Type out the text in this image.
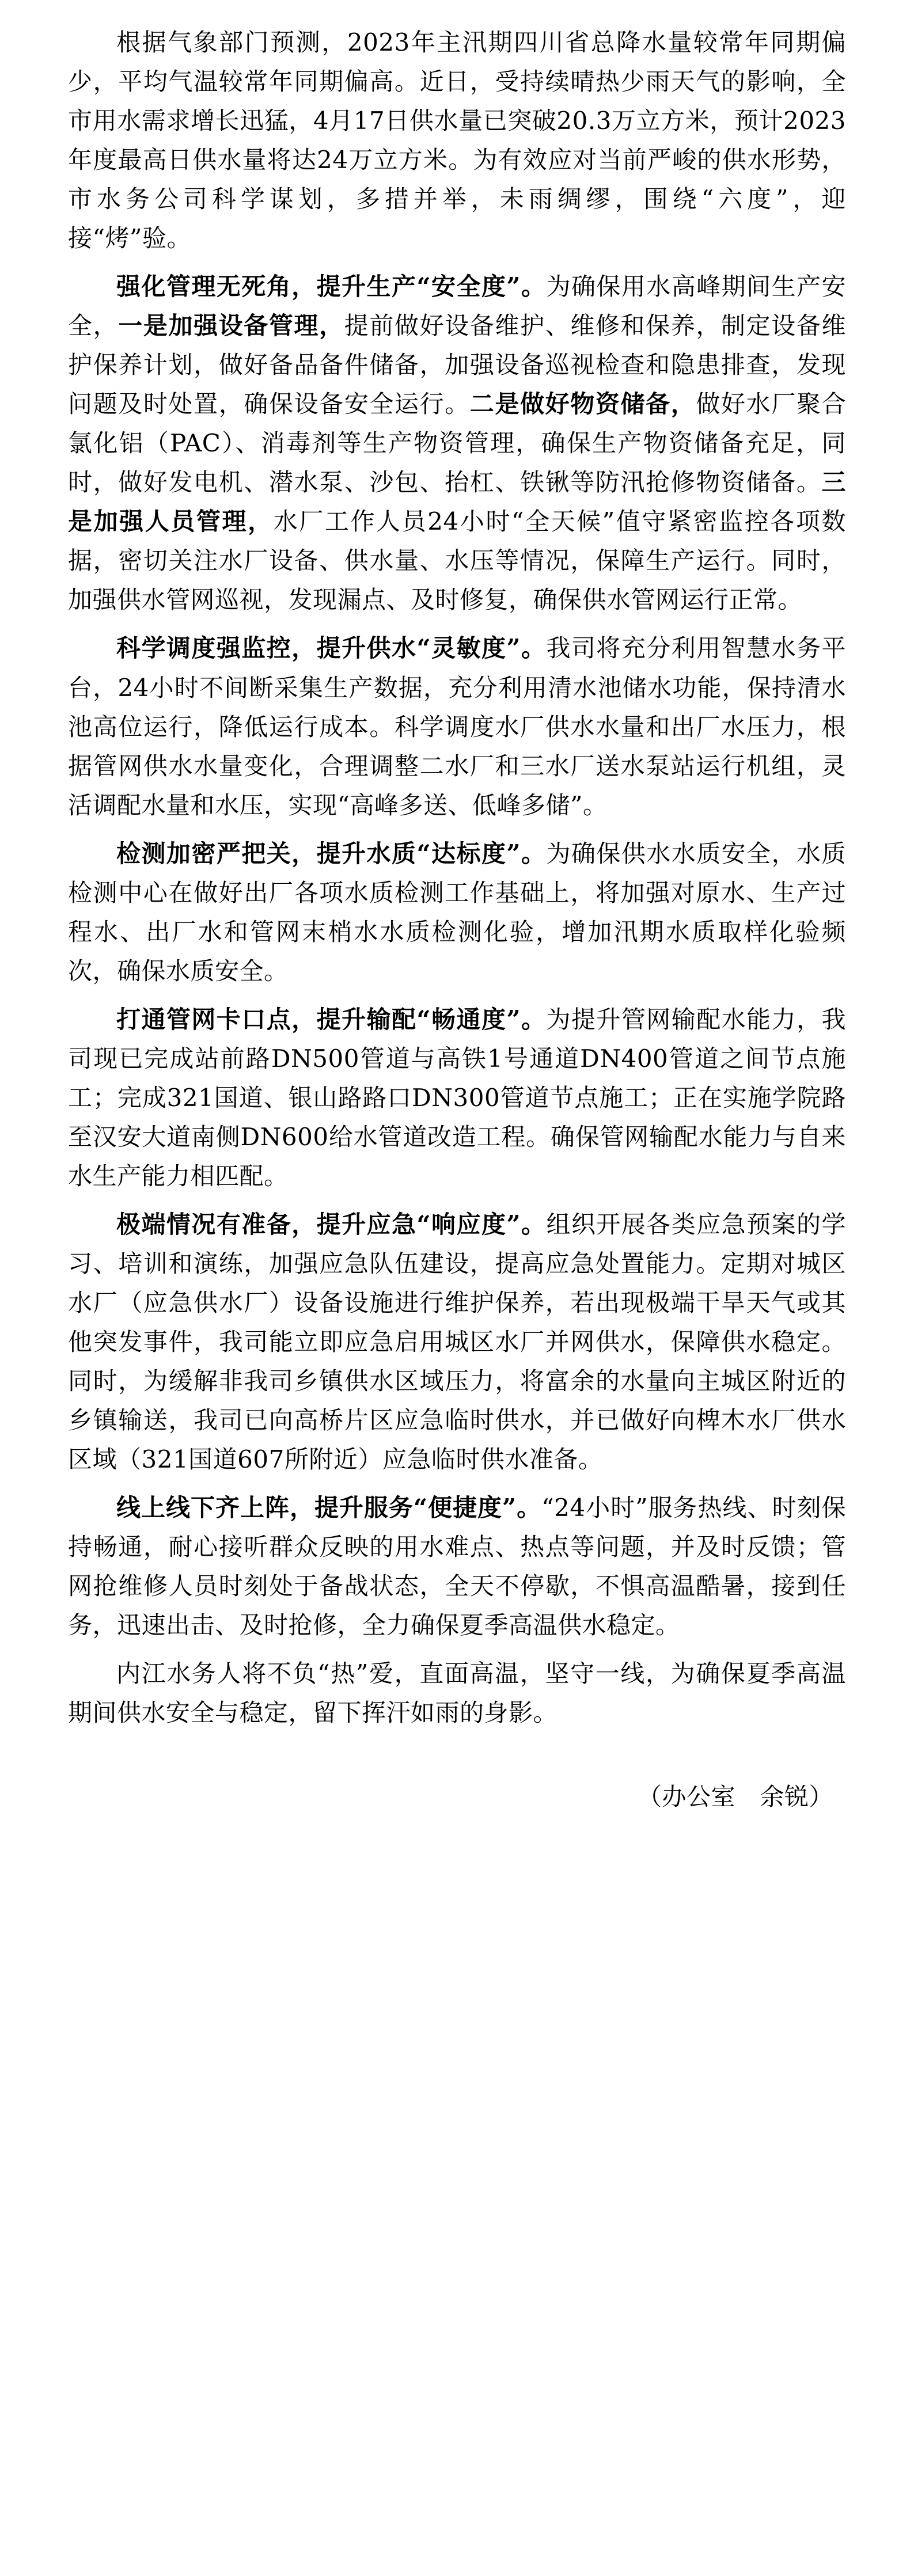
根据气象部门预测，2023年主汛期四川省总降水量较常年同期偏少，平均气温较常年同期偏高。近日，受持续晴热少雨天气的影响，全市用水需求增长迅猛，4月17日供水量已突破20.3万立方米，预计2023年度最高日供水量将达24万立方米。为有效应对当前严峻的供水形势，市水务公司科学谋划，多措并举，未雨绸缪，围绕“六度”，迎接“烤”验。

强化管理无死角，提升生产“安全度”。为确保用水高峰期间生产安全，一是加强设备管理，提前做好设备维护、维修和保养，制定设备维护保养计划，做好备品备件储备，加强设备巡视检查和隐患排查，发现问题及时处置，确保设备安全运行。二是做好物资储备，做好水厂聚合氯化铝（PAC）、消毒剂等生产物资管理，确保生产物资储备充足，同时，做好发电机、潜水泵、沙包、抬杠、铁锹等防汛抢修物资储备。三是加强人员管理，水厂工作人员24小时“全天候”值守紧密监控各项数据，密切关注水厂设备、供水量、水压等情况，保障生产运行。同时，加强供水管网巡视，发现漏点、及时修复，确保供水管网运行正常。

科学调度强监控，提升供水“灵敏度”。我司将充分利用智慧水务平台，24小时不间断采集生产数据，充分利用清水池储水功能，保持清水池高位运行，降低运行成本。科学调度水厂供水水量和出厂水压力，根据管网供水水量变化，合理调整二水厂和三水厂送水泵站运行机组，灵活调配水量和水压，实现“高峰多送、低峰多储”。

检测加密严把关，提升水质“达标度”。为确保供水水质安全，水质检测中心在做好出厂各项水质检测工作基础上，将加强对原水、生产过程水、出厂水和管网末梢水水质检测化验，增加汛期水质取样化验频次，确保水质安全。

打通管网卡口点，提升输配“畅通度”。为提升管网输配水能力，我司现已完成站前路DN500管道与高铁1号通道DN400管道之间节点施工；完成321国道、银山路路口DN300管道节点施工；正在实施学院路至汉安大道南侧DN600给水管道改造工程。确保管网输配水能力与自来水生产能力相匹配。

极端情况有准备，提升应急“响应度”。组织开展各类应急预案的学习、培训和演练，加强应急队伍建设，提高应急处置能力。定期对城区水厂（应急供水厂）设备设施进行维护保养，若出现极端干旱天气或其他突发事件，我司能立即应急启用城区水厂并网供水，保障供水稳定。同时，为缓解非我司乡镇供水区域压力，将富余的水量向主城区附近的乡镇输送，我司已向高桥片区应急临时供水，并已做好向椑木水厂供水区域（321国道607所附近）应急临时供水准备。

线上线下齐上阵，提升服务“便捷度”。“24小时”服务热线、时刻保持畅通，耐心接听群众反映的用水难点、热点等问题，并及时反馈；管网抢维修人员时刻处于备战状态，全天不停歇，不惧高温酷暑，接到任务，迅速出击、及时抢修，全力确保夏季高温供水稳定。

内江水务人将不负“热”爱，直面高温，坚守一线，为确保夏季高温期间供水安全与稳定，留下挥汗如雨的身影。

（办公室　余锐）
